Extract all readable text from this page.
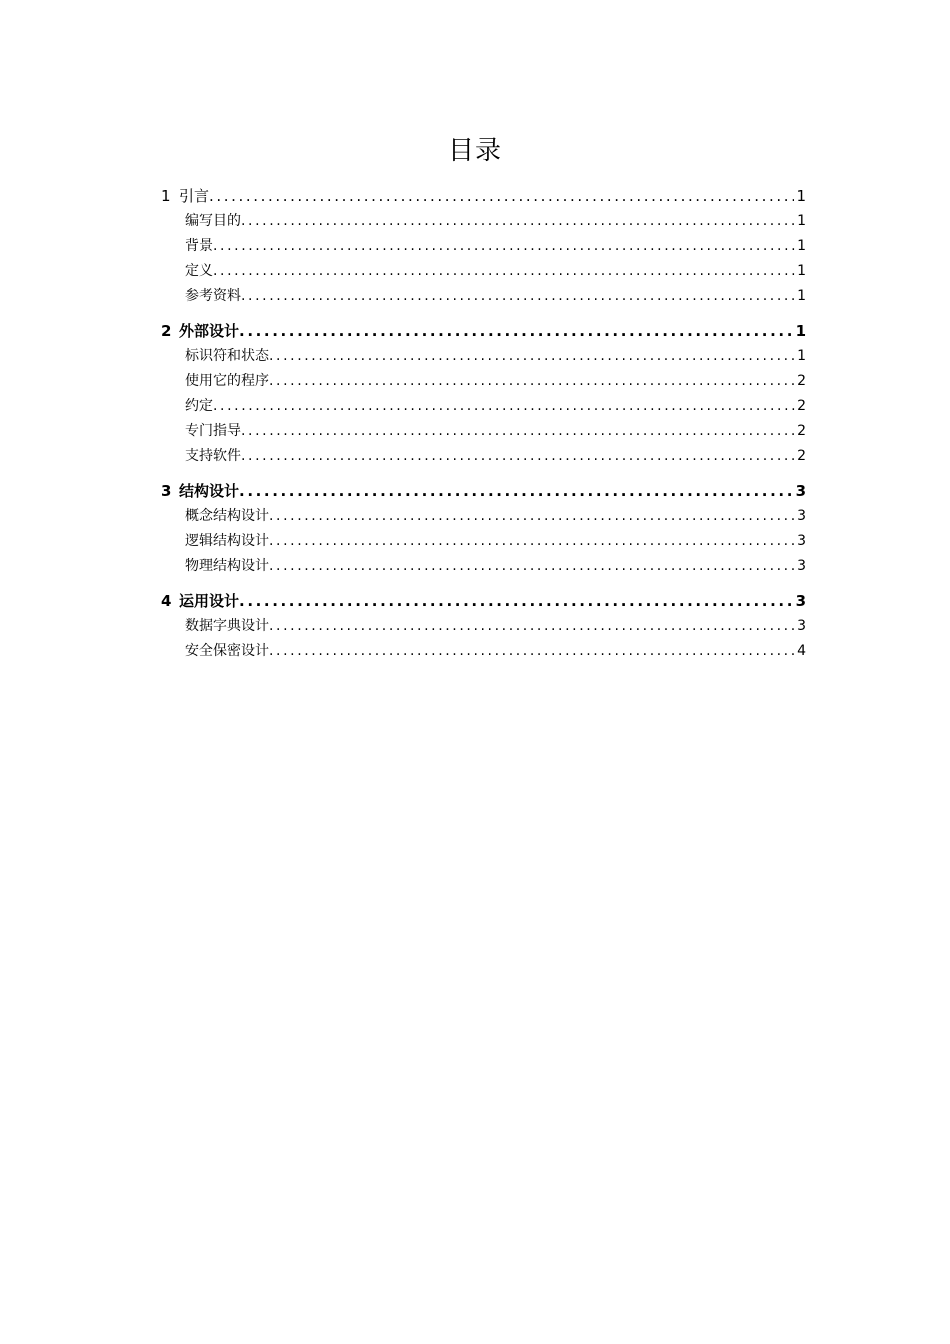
目录
1 引言 .....	1
编写目的 .....	1
背景 .....	1
定义 .....	1
参考资料 .....	1
2 外部设计 .....	1
标识符和状态 .....	1
使用它的程序 .....	2
约定 .....	2
专门指导 .....	2
支持软件 .....	2
3 结构设计 .....	3
概念结构设计 .....	3
逻辑结构设计 .....	3
物理结构设计 .....	3
4 运用设计 .....	3
数据字典设计 .....	3
安全保密设计 .....	4
